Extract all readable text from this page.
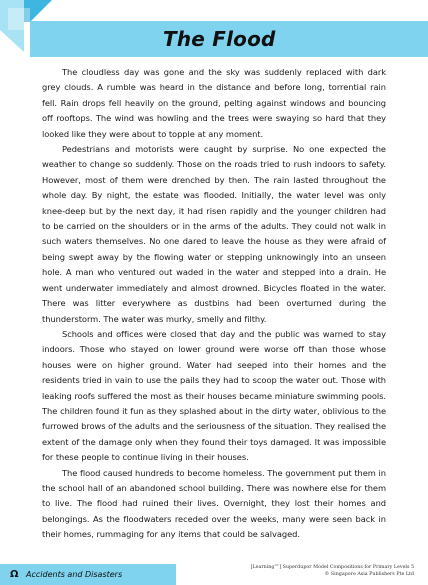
The Flood

The cloudless day was gone and the sky was suddenly replaced with dark grey clouds. A rumble was heard in the distance and before long, torrential rain fell. Rain drops fell heavily on the ground, pelting against windows and bouncing off rooftops. The wind was howling and the trees were swaying so hard that they looked like they were about to topple at any moment.

Pedestrians and motorists were caught by surprise. No one expected the weather to change so suddenly. Those on the roads tried to rush indoors to safety. However, most of them were drenched by then. The rain lasted throughout the whole day. By night, the estate was flooded. Initially, the water level was only knee-deep but by the next day, it had risen rapidly and the younger children had to be carried on the shoulders or in the arms of the adults. They could not walk in such waters themselves. No one dared to leave the house as they were afraid of being swept away by the flowing water or stepping unknowingly into an unseen hole. A man who ventured out waded in the water and stepped into a drain. He went underwater immediately and almost drowned. Bicycles floated in the water. There was litter everywhere as dustbins had been overturned during the thunderstorm. The water was murky, smelly and filthy.

Schools and offices were closed that day and the public was warned to stay indoors. Those who stayed on lower ground were worse off than those whose houses were on higher ground. Water had seeped into their homes and the residents tried in vain to use the pails they had to scoop the water out. Those with leaking roofs suffered the most as their houses became miniature swimming pools. The children found it fun as they splashed about in the dirty water, oblivious to the furrowed brows of the adults and the seriousness of the situation. They realised the extent of the damage only when they found their toys damaged. It was impossible for these people to continue living in their houses.

The flood caused hundreds to become homeless. The government put them in the school hall of an abandoned school building. There was nowhere else for them to live. The flood had ruined their lives. Overnight, they lost their homes and belongings. As the floodwaters receded over the weeks, many were seen back in their homes, rummaging for any items that could be salvaged.

Ω Accidents and Disasters
[Learning™] Superdupor Model Compositions for Primary Levels 5
© Singapore Asia Publishers Pte Ltd
